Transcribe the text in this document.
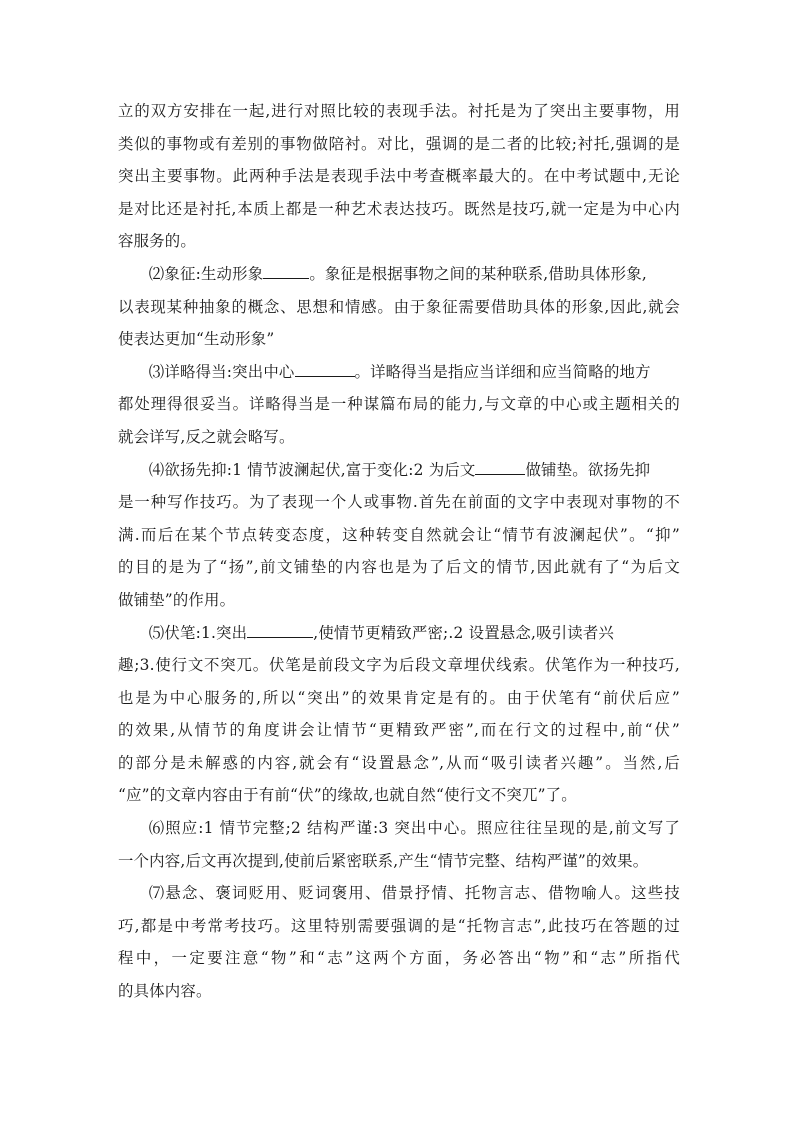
立的双方安排在一起,进行对照比较的表现手法。衬托是为了突出主要事物，用
类似的事物或有差别的事物做陪衬。对比，强调的是二者的比较;衬托,强调的是
突出主要事物。此两种手法是表现手法中考查概率最大的。在中考试题中,无论
是对比还是衬托,本质上都是一种艺术表达技巧。既然是技巧,就一定是为中心内
容服务的。

⑵象征:生动形象	。象征是根据事物之间的某种联系,借助具体形象,
以表现某种抽象的概念、思想和情感。由于象征需要借助具体的形象,因此,就会
使表达更加“生动形象”

⑶详略得当:突出中心	。详略得当是指应当详细和应当简略的地方
都处理得很妥当。详略得当是一种谋篇布局的能力,与文章的中心或主题相关的
就会详写,反之就会略写。

⑷欲扬先抑:1 情节波澜起伏,富于变化:2 为后文	做铺垫。欲扬先抑
是一种写作技巧。为了表现一个人或事物.首先在前面的文字中表现对事物的不
满.而后在某个节点转变态度，这种转变自然就会让“情节有波澜起伏”。“抑”
的目的是为了“扬”,前文铺垫的内容也是为了后文的情节,因此就有了“为后文
做铺垫”的作用。

⑸伏笔:1.突出	,使情节更精致严密;.2 设置悬念,吸引读者兴
趣;3.使行文不突兀。伏笔是前段文字为后段文章埋伏线索。伏笔作为一种技巧,
也是为中心服务的,所以“突出”的效果肯定是有的。由于伏笔有“前伏后应”
的效果,从情节的角度讲会让情节“更精致严密”,而在行文的过程中,前“伏”
的部分是未解惑的内容,就会有“设置悬念”,从而“吸引读者兴趣”。当然,后
“应”的文章内容由于有前“伏”的缘故,也就自然“使行文不突兀”了。

⑹照应:1 情节完整;2 结构严谨:3 突出中心。照应往往呈现的是,前文写了
一个内容,后文再次提到,使前后紧密联系,产生“情节完整、结构严谨”的效果。

⑺悬念、褒词贬用、贬词褒用、借景抒情、托物言志、借物喻人。这些技
巧,都是中考常考技巧。这里特别需要强调的是“托物言志”,此技巧在答题的过
程中，一定要注意“物”和“志”这两个方面，务必答出“物”和“志”所指代
的具体内容。
